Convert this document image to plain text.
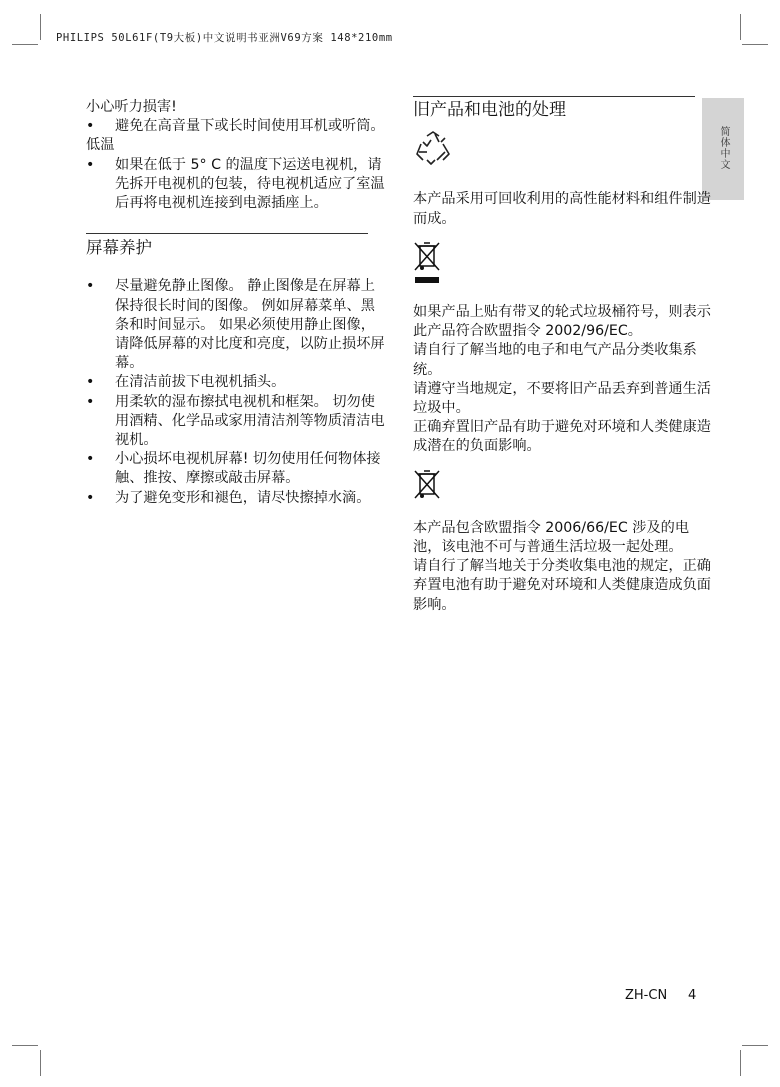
PHILIPS 50L61F(T9大板)中文说明书亚洲V69方案 148*210mm
简体中文

小心听力损害!

• 避免在高音量下或长时间使用耳机或听筒。

低温

• 如果在低于 5° C 的温度下运送电视机，请先拆开电视机的包装，待电视机适应了室温后再将电视机连接到电源插座上。
屏幕养护
• 尽量避免静止图像。 静止图像是在屏幕上保持很长时间的图像。 例如屏幕菜单、黑条和时间显示。 如果必须使用静止图像，请降低屏幕的对比度和亮度，以防止损坏屏幕。
• 在清洁前拔下电视机插头。
• 用柔软的湿布擦拭电视机和框架。 切勿使用酒精、化学品或家用清洁剂等物质清洁电视机。
• 小心损坏电视机屏幕! 切勿使用任何物体接触、推按、摩擦或敲击屏幕。
• 为了避免变形和褪色，请尽快擦掉水滴。
旧产品和电池的处理

本产品采用可回收利用的高性能材料和组件制造而成。

如果产品上贴有带叉的轮式垃圾桶符号，则表示此产品符合欧盟指令 2002/96/EC。

请自行了解当地的电子和电气产品分类收集系统。

请遵守当地规定，不要将旧产品丢弃到普通生活垃圾中。

正确弃置旧产品有助于避免对环境和人类健康造成潜在的负面影响。

本产品包含欧盟指令 2006/66/EC 涉及的电池，该电池不可与普通生活垃圾一起处理。

请自行了解当地关于分类收集电池的规定，正确弃置电池有助于避免对环境和人类健康造成负面影响。

ZH-CN 4
